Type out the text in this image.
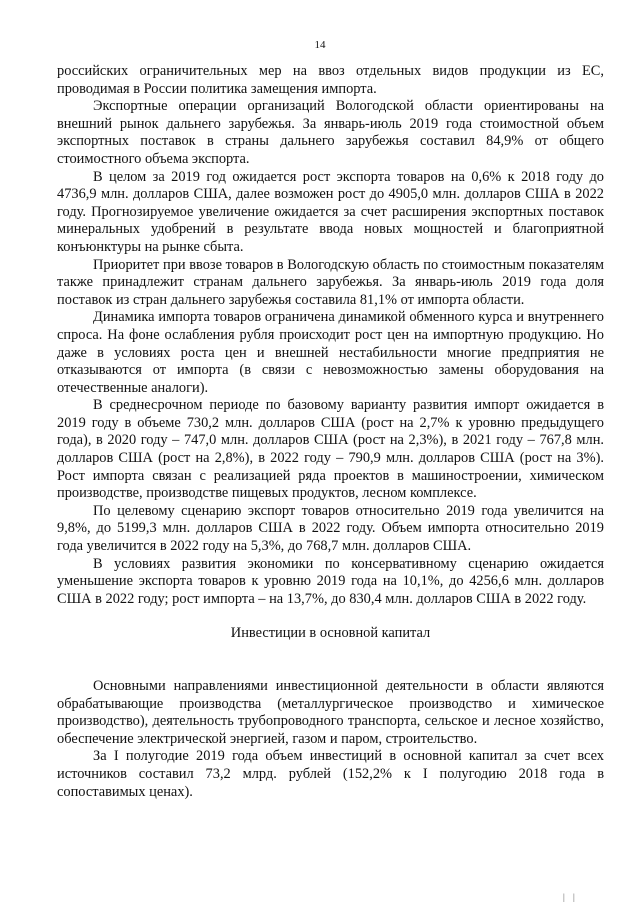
14

российских ограничительных мер на ввоз отдельных видов продукции из ЕС, проводимая в России политика замещения импорта.

Экспортные операции организаций Вологодской области ориентированы на внешний рынок дальнего зарубежья. За январь-июль 2019 года стоимостной объем экспортных поставок в страны дальнего зарубежья составил 84,9% от общего стоимостного объема экспорта.

В целом за 2019 год ожидается рост экспорта товаров на 0,6% к 2018 году до 4736,9 млн. долларов США, далее возможен рост до 4905,0 млн. долларов США в 2022 году. Прогнозируемое увеличение ожидается за счет расширения экспортных поставок минеральных удобрений в результате ввода новых мощностей и благоприятной конъюнктуры на рынке сбыта.

Приоритет при ввозе товаров в Вологодскую область по стоимостным показателям также принадлежит странам дальнего зарубежья. За январь-июль 2019 года доля поставок из стран дальнего зарубежья составила 81,1% от импорта области.

Динамика импорта товаров ограничена динамикой обменного курса и внутреннего спроса. На фоне ослабления рубля происходит рост цен на импортную продукцию. Но даже в условиях роста цен и внешней нестабильности многие предприятия не отказываются от импорта (в связи с невозможностью замены оборудования на отечественные аналоги).

В среднесрочном периоде по базовому варианту развития импорт ожидается в 2019 году в объеме 730,2 млн. долларов США (рост на 2,7% к уровню предыдущего года), в 2020 году – 747,0 млн. долларов США (рост на 2,3%), в 2021 году – 767,8 млн. долларов США (рост на 2,8%), в 2022 году – 790,9 млн. долларов США (рост на 3%). Рост импорта связан с реализацией ряда проектов в машиностроении, химическом производстве, производстве пищевых продуктов, лесном комплексе.

По целевому сценарию экспорт товаров относительно 2019 года увеличится на 9,8%, до 5199,3 млн. долларов США в 2022 году. Объем импорта относительно 2019 года увеличится в 2022 году на 5,3%, до 768,7 млн. долларов США.

В условиях развития экономики по консервативному сценарию ожидается уменьшение экспорта товаров к уровню 2019 года на 10,1%, до 4256,6 млн. долларов США в 2022 году; рост импорта – на 13,7%, до 830,4 млн. долларов США в 2022 году.

Инвестиции в основной капитал

Основными направлениями инвестиционной деятельности в области являются обрабатывающие производства (металлургическое производство и химическое производство), деятельность трубопроводного транспорта, сельское и лесное хозяйство, обеспечение электрической энергией, газом и паром, строительство.

За I полугодие 2019 года объем инвестиций в основной капитал за счет всех источников составил 73,2 млрд. рублей (152,2% к I полугодию 2018 года в сопоставимых ценах).

| |
